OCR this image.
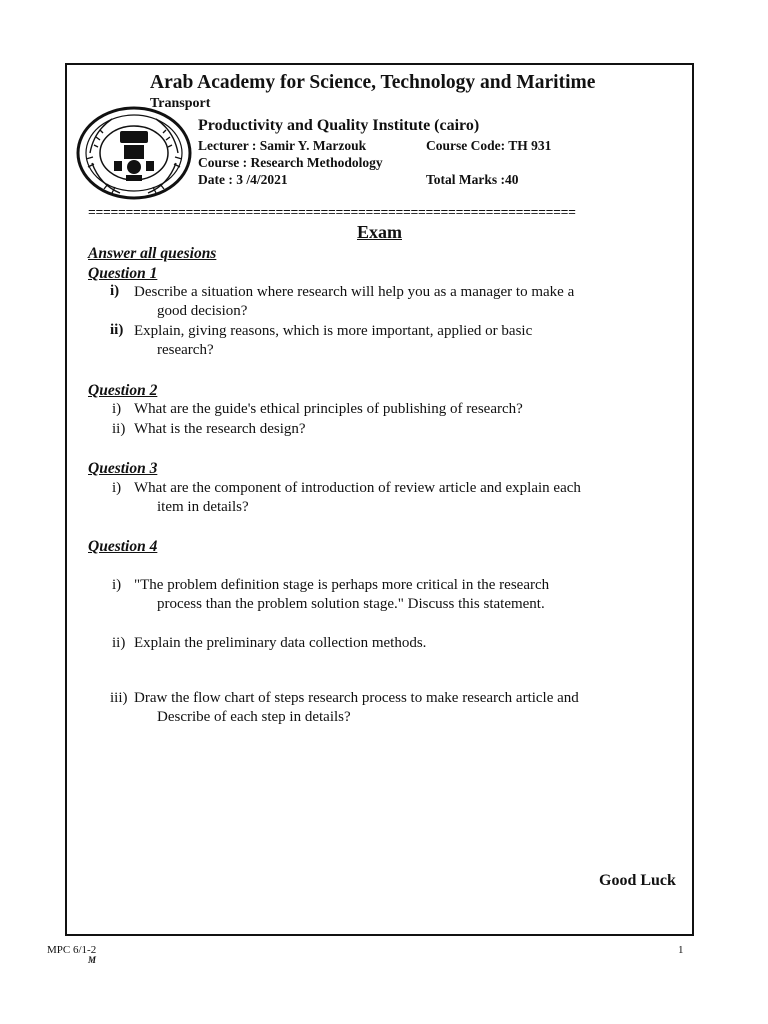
Arab Academy for Science, Technology and Maritime
Transport
Productivity and Quality Institute (cairo)
Lecturer : Samir Y. Marzouk	Course Code: TH 931
Course : Research Methodology
Date : 3 /4/2021	Total Marks :40
=================================================================
Exam
Answer all quesions
Question 1
i) Describe a situation where research will help you as a manager to make a
good decision?
ii) Explain, giving reasons, which is more important, applied or basic
research?
Question 2
i) What are the guide's ethical principles of publishing of research?
ii) What is the research design?
Question 3
i) What are the component of introduction of review article and explain each
item in details?
Question 4
i) "The problem definition stage is perhaps more critical in the research
process than the problem solution stage." Discuss this statement.
ii) Explain the preliminary data collection methods.
iii) Draw the flow chart of steps research process to make research article and
Describe of each step in details?
Good Luck
MPC 6/1-2
M
1
